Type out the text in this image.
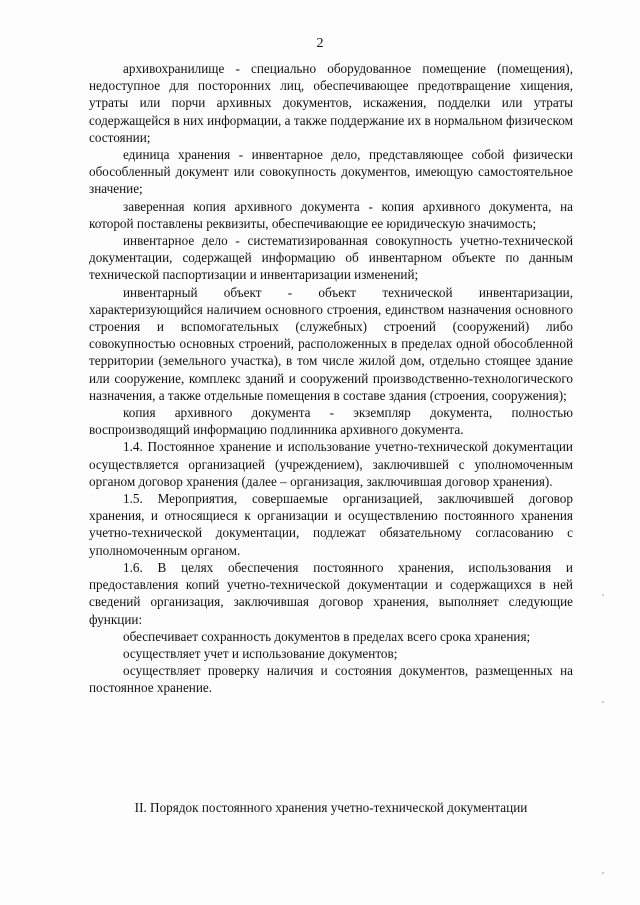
2

архивохранилище - специально оборудованное помещение (помещения), недоступное для посторонних лиц, обеспечивающее предотвращение хищения, утраты или порчи архивных документов, искажения, подделки или утраты содержащейся в них информации, а также поддержание их в нормальном физическом состоянии;

единица хранения - инвентарное дело, представляющее собой физически обособленный документ или совокупность документов, имеющую самостоятельное значение;

заверенная копия архивного документа - копия архивного документа, на которой поставлены реквизиты, обеспечивающие ее юридическую значимость;

инвентарное дело - систематизированная совокупность учетно-технической документации, содержащей информацию об инвентарном объекте по данным технической паспортизации и инвентаризации изменений;

инвентарный объект - объект технической инвентаризации, характеризующийся наличием основного строения, единством назначения основного строения и вспомогательных (служебных) строений (сооружений) либо совокупностью основных строений, расположенных в пределах одной обособленной территории (земельного участка), в том числе жилой дом, отдельно стоящее здание или сооружение, комплекс зданий и сооружений производственно-технологического назначения, а также отдельные помещения в составе здания (строения, сооружения);

копия архивного документа - экземпляр документа, полностью воспроизводящий информацию подлинника архивного документа.

1.4. Постоянное хранение и использование учетно-технической документации осуществляется организацией (учреждением), заключившей с уполномоченным органом договор хранения (далее – организация, заключившая договор хранения).

1.5. Мероприятия, совершаемые организацией, заключившей договор хранения, и относящиеся к организации и осуществлению постоянного хранения учетно-технической документации, подлежат обязательному согласованию с уполномоченным органом.

1.6. В целях обеспечения постоянного хранения, использования и предоставления копий учетно-технической документации и содержащихся в ней сведений организация, заключившая договор хранения, выполняет следующие функции:

обеспечивает сохранность документов в пределах всего срока хранения;

осуществляет учет и использование документов;

осуществляет проверку наличия и состояния документов, размещенных на постоянное хранение.

II. Порядок постоянного хранения учетно-технической документации
